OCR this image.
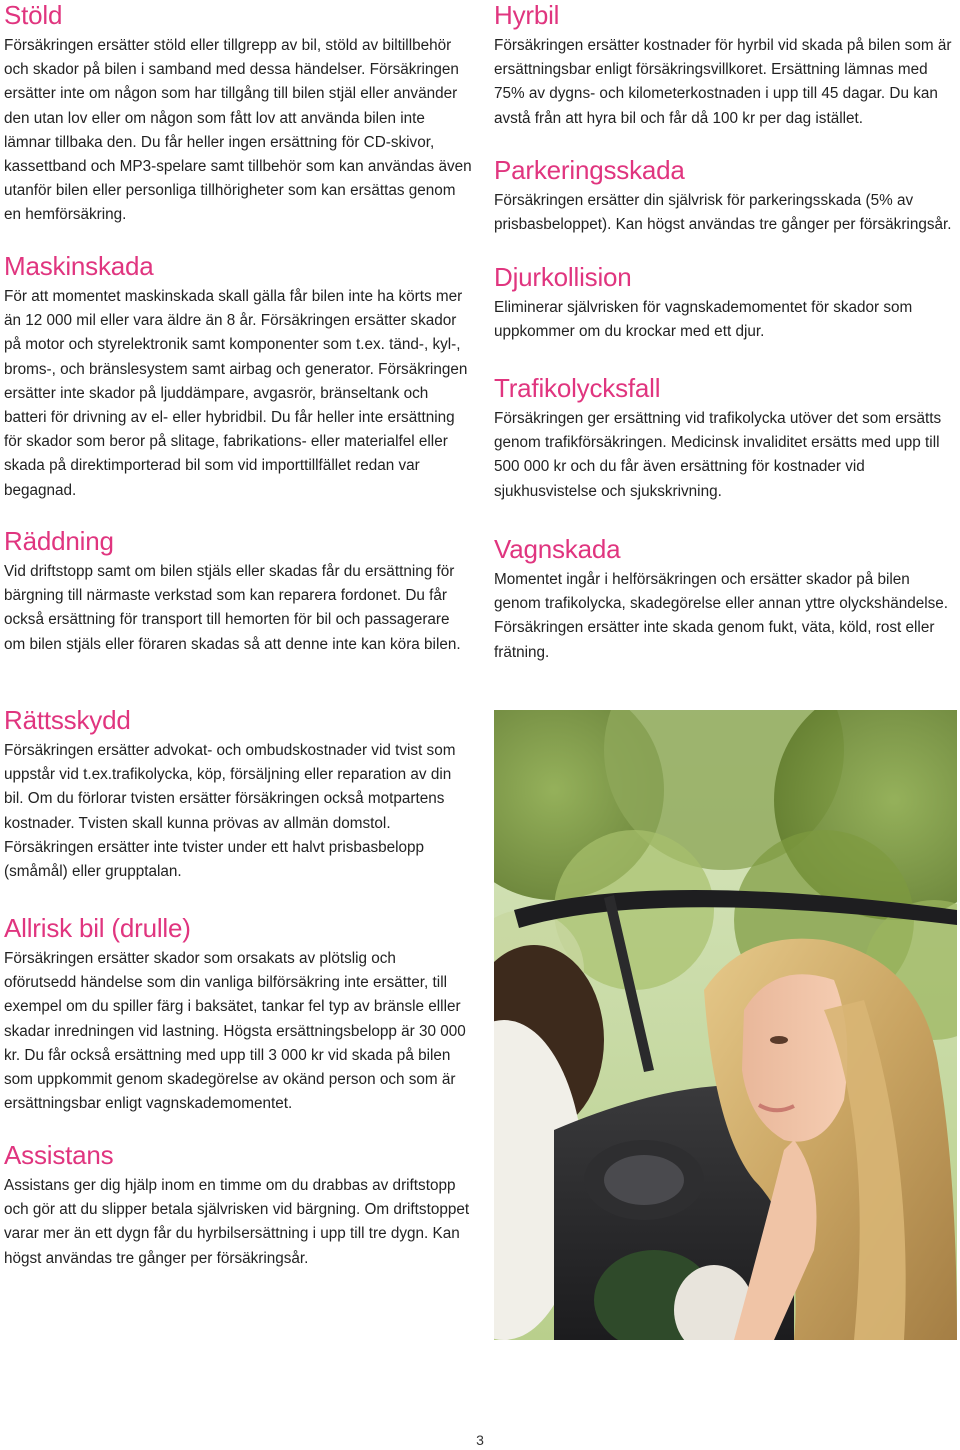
Stöld

Försäkringen ersätter stöld eller tillgrepp av bil, stöld av biltillbehör och skador på bilen i samband med dessa händelser. Försäkringen ersätter inte om någon som har tillgång till bilen stjäl eller använder den utan lov eller om någon som fått lov att använda bilen inte lämnar tillbaka den. Du får heller ingen ersättning för CD-skivor, kassettband och MP3-spelare samt tillbehör som kan användas även utanför bilen eller personliga tillhörigheter som kan ersättas genom en hemförsäkring.

Maskinskada

För att momentet maskinskada skall gälla får bilen inte ha körts mer än 12 000 mil eller vara äldre än 8 år. Försäkringen ersätter skador på motor och styrelektronik samt komponenter som t.ex. tänd-, kyl-, broms-, och bränslesystem samt airbag och generator. Försäkringen ersätter inte skador på ljuddämpare, avgasrör, bränseltank och batteri för drivning av el- eller hybridbil. Du får heller inte ersättning för skador som beror på slitage, fabrikations- eller materialfel eller skada på direktimporterad bil som vid importtillfället redan var begagnad.

Räddning

Vid driftstopp samt om bilen stjäls eller skadas får du ersättning för bärgning till närmaste verkstad som kan reparera fordonet. Du får också ersättning för transport till hemorten för bil och passagerare om bilen stjäls eller föraren skadas så att denne inte kan köra bilen.

Rättsskydd

Försäkringen ersätter advokat- och ombudskostnader vid tvist som uppstår vid t.ex.trafikolycka, köp, försäljning eller reparation av din bil. Om du förlorar tvisten ersätter försäkringen också motpartens kostnader. Tvisten skall kunna prövas av allmän domstol. Försäkringen ersätter inte tvister under ett halvt prisbasbelopp (småmål) eller grupptalan.

Allrisk bil (drulle)

Försäkringen ersätter skador som orsakats av plötslig och oförutsedd händelse som din vanliga bilförsäkring inte ersätter, till exempel om du spiller färg i baksätet, tankar fel typ av bränsle elller skadar inredningen vid lastning. Högsta ersättningsbelopp är 30 000 kr. Du får också ersättning med upp till 3 000 kr vid skada på bilen som uppkommit genom skadegörelse av okänd person och som är ersättningsbar enligt vagnskademomentet.

Assistans

Assistans ger dig hjälp inom en timme om du drabbas av driftstopp och gör att du slipper betala självrisken vid bärgning. Om driftstoppet varar mer än ett dygn får du hyrbilsersättning i upp till tre dygn. Kan högst användas tre gånger per försäkringsår.

Hyrbil

Försäkringen ersätter kostnader för hyrbil vid skada på bilen som är ersättningsbar enligt försäkringsvillkoret. Ersättning lämnas med 75% av dygns- och kilometerkostnaden i upp till 45 dagar. Du kan avstå från att hyra bil och får då 100 kr per dag istället.

Parkeringsskada

Försäkringen ersätter din självrisk för parkeringsskada (5% av prisbasbeloppet). Kan högst användas tre gånger per försäkringsår.

Djurkollision

Eliminerar självrisken för vagnskademomentet för skador som uppkommer om du krockar med ett djur.

Trafikolycksfall

Försäkringen ger ersättning vid trafikolycka utöver det som ersätts genom trafikförsäkringen. Medicinsk invaliditet ersätts med upp till 500 000 kr och du får även ersättning för kostnader vid sjukhusvistelse och sjukskrivning.

Vagnskada

Momentet ingår i helförsäkringen och ersätter skador på bilen genom trafikolycka, skadegörelse eller annan yttre olyckshändelse. Försäkringen ersätter inte skada genom fukt, väta, köld, rost eller frätning.

3
